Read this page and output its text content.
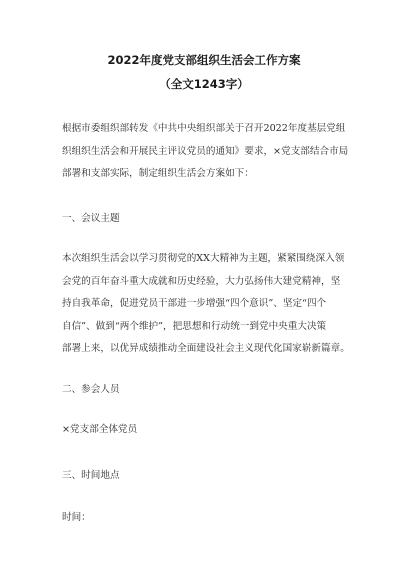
2022年度党支部组织生活会工作方案
（全文1243字）
根据市委组织部转发《中共中央组织部关于召开2022年度基层党组
织组织生活会和开展民主评议党员的通知》要求，×党支部结合市局
部署和支部实际，制定组织生活会方案如下：
一、会议主题
本次组织生活会以学习贯彻党的XX大精神为主题，紧紧围绕深入领
会党的百年奋斗重大成就和历史经验，大力弘扬伟大建党精神，坚
持自我革命，促进党员干部进一步增强“四个意识”、坚定“四个
自信”、做到“两个维护”，把思想和行动统一到党中央重大决策
部署上来，以优异成绩推动全面建设社会主义现代化国家崭新篇章。
二、参会人员
×党支部全体党员
三、时间地点
时间：
